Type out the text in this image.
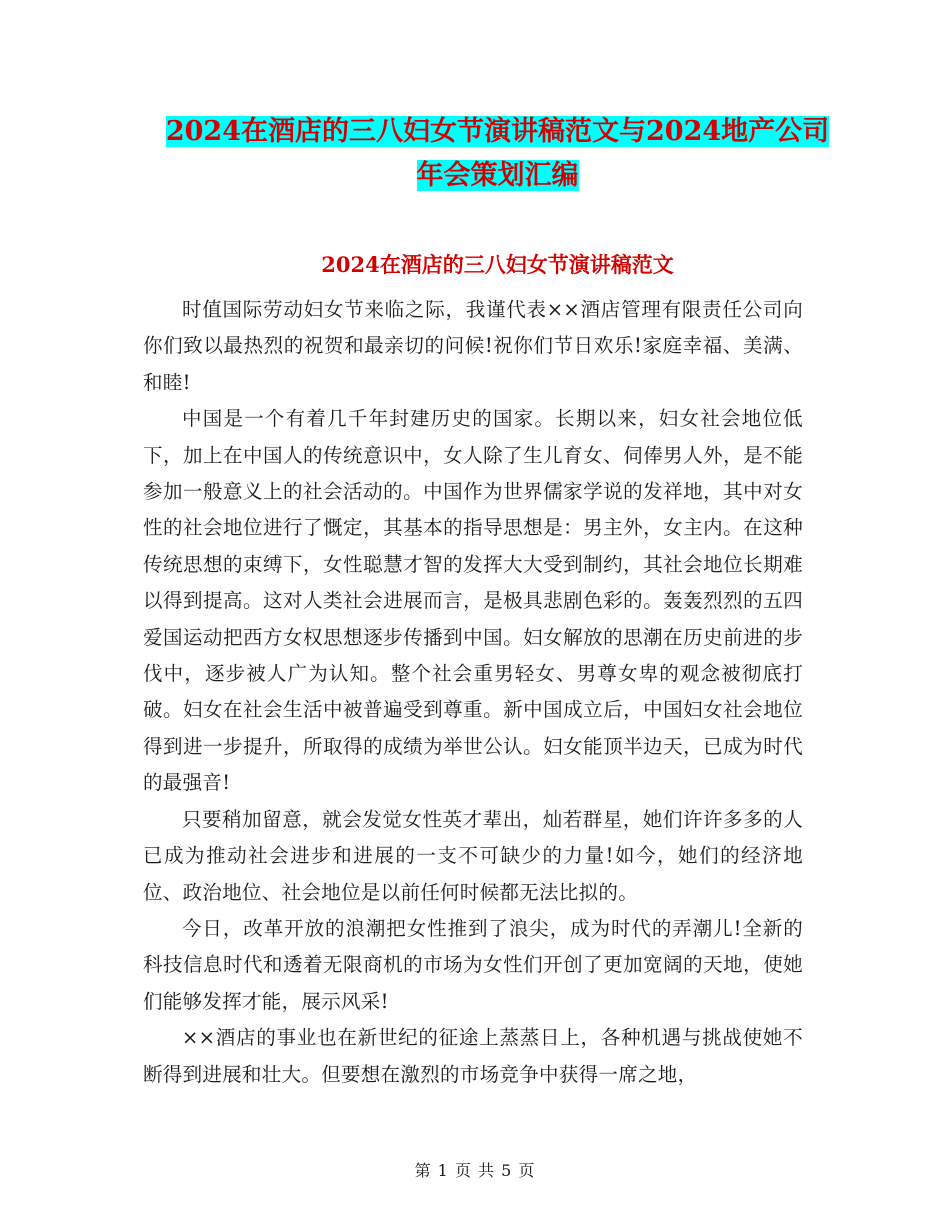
2024在酒店的三八妇女节演讲稿范文与2024地产公司
年会策划汇编
2024在酒店的三八妇女节演讲稿范文

时值国际劳动妇女节来临之际，我谨代表××酒店管理有限责任公司向你们致以最热烈的祝贺和最亲切的问候!祝你们节日欢乐!家庭幸福、美满、和睦!

中国是一个有着几千年封建历史的国家。长期以来，妇女社会地位低下，加上在中国人的传统意识中，女人除了生儿育女、伺俸男人外，是不能参加一般意义上的社会活动的。中国作为世界儒家学说的发祥地，其中对女性的社会地位进行了慨定，其基本的指导思想是：男主外，女主内。在这种传统思想的束缚下，女性聪慧才智的发挥大大受到制约，其社会地位长期难以得到提高。这对人类社会进展而言，是极具悲剧色彩的。轰轰烈烈的五四爱国运动把西方女权思想逐步传播到中国。妇女解放的思潮在历史前进的步伐中，逐步被人广为认知。整个社会重男轻女、男尊女卑的观念被彻底打破。妇女在社会生活中被普遍受到尊重。新中国成立后，中国妇女社会地位得到进一步提升，所取得的成绩为举世公认。妇女能顶半边天，已成为时代的最强音!

只要稍加留意，就会发觉女性英才辈出，灿若群星，她们许许多多的人已成为推动社会进步和进展的一支不可缺少的力量!如今，她们的经济地位、政治地位、社会地位是以前任何时候都无法比拟的。

今日，改革开放的浪潮把女性推到了浪尖，成为时代的弄潮儿!全新的科技信息时代和透着无限商机的市场为女性们开创了更加宽阔的天地，使她们能够发挥才能，展示风采!

××酒店的事业也在新世纪的征途上蒸蒸日上，各种机遇与挑战使她不断得到进展和壮大。但要想在激烈的市场竞争中获得一席之地，

第 1 页 共 5 页
